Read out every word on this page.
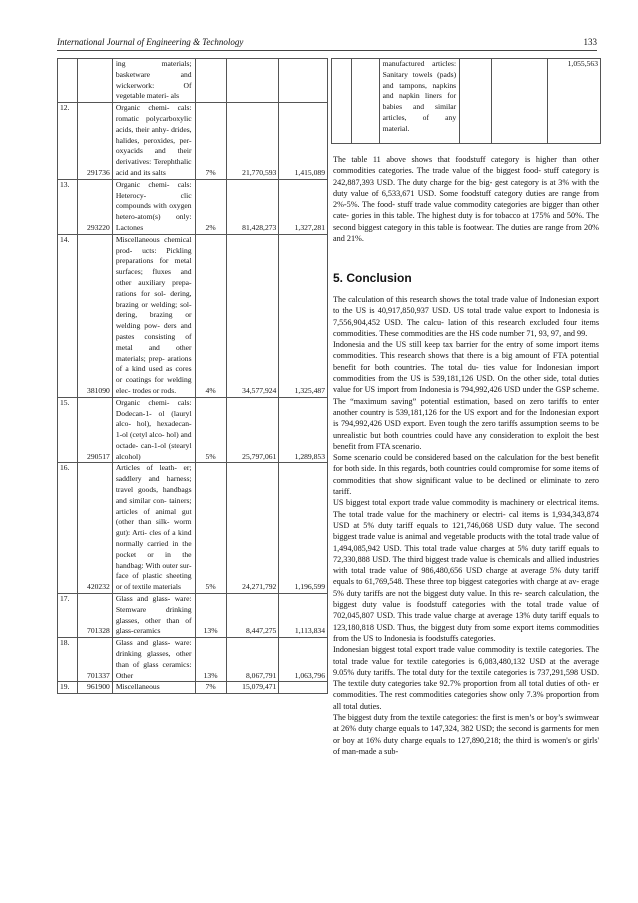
International Journal of Engineering & Technology	133
		ing materials; basketware and wickerwork: Of vegetable materi- als			
12.	291736	Organic chemi- cals: romatic polycarboxylic acids, their anhy- drides, halides, peroxides, per- oxyacids and their derivatives: Terephthalic acid and its salts	7%	21,770,593	1,415,089
13.	293220	Organic chemi- cals: Heterocy- clic compounds with oxygen hetero-atom(s) only: Lactones	2%	81,428,273	1,327,281
14.	381090	Miscellaneous chemical prod- ucts: Pickling preparations for metal surfaces; fluxes and other auxiliary prepa- rations for sol- dering, brazing or welding; sol- dering, brazing or welding pow- ders and pastes consisting of metal and other materials; prep- arations of a kind used as cores or coatings for welding elec- trodes or rods.	4%	34,577,924	1,325,487
15.	290517	Organic chemi- cals: Dodecan-1- ol (lauryl alco- hol), hexadecan- 1-ol (cetyl alco- hol) and octade- can-1-ol (stearyl alcohol)	5%	25,797,061	1,289,853
16.	420232	Articles of leath- er; saddlery and harness; travel goods, handbags and similar con- tainers; articles of animal gut (other than silk- worm gut): Arti- cles of a kind normally carried in the pocket or in the handbag: With outer sur- face of plastic sheeting or of textile materials	5%	24,271,792	1,196,599
17.	701328	Glass and glass- ware: Stemware drinking glasses, other than of glass-ceramics	13%	8,447,275	1,113,834
18.	701337	Glass and glass- ware: drinking glasses, other than of glass ceramics: Other	13%	8,067,791	1,063,796
19.	961900	Miscellaneous	7%	15,079,471	
		manufactured articles: Sanitary towels (pads) and tampons, napkins and napkin liners for babies and similar articles, of any material.			1,055,563

The table 11 above shows that foodstuff category is higher than other commodities categories. The trade value of the biggest food- stuff category is 242,887,393 USD. The duty charge for the big- gest category is at 3% with the duty value of 6,533,671 USD. Some foodstuff category duties are range from 2%-5%. The food- stuff trade value commodity categories are bigger than other cate- gories in this table. The highest duty is for tobacco at 175% and 50%. The second biggest category in this table is footwear. The duties are range from 20% and 21%.

5. Conclusion

The calculation of this research shows the total trade value of Indonesian export to the US is 40,917,850,937 USD. US total trade value export to Indonesia is 7,556,904,452 USD. The calcu- lation of this research excluded four items commodities. These commodities are the HS code number 71, 93, 97, and 99.

Indonesia and the US still keep tax barrier for the entry of some import items commodities. This research shows that there is a big amount of FTA potential benefit for both countries. The total du- ties value for Indonesian import commodities from the US is 539,181,126 USD. On the other side, total duties value for US import from Indonesia is 794,992,426 USD under the GSP scheme. The “maximum saving” potential estimation, based on zero tariffs to enter another country is 539,181,126 for the US export and for the Indonesian export is 794,992,426 USD export. Even tough the zero tariffs assumption seems to be unrealistic but both countries could have any consideration to exploit the best benefit from FTA scenario.

Some scenario could be considered based on the calculation for the best benefit for both side. In this regards, both countries could compromise for some items of commodities that show significant value to be declined or eliminate to zero tariff.

US biggest total export trade value commodity is machinery or electrical items. The total trade value for the machinery or electri- cal items is 1,934,343,874 USD at 5% duty tariff equals to 121,746,068 USD duty value. The second biggest trade value is animal and vegetable products with the total trade value of 1,494,085,942 USD. This total trade value charges at 5% duty tariff equals to 72,330,888 USD. The third biggest trade value is chemicals and allied industries with total trade value of 986,480,656 USD charge at average 5% duty tariff equals to 61,769,548. These three top biggest categories with charge at av- erage 5% duty tariffs are not the biggest duty value. In this re- search calculation, the biggest duty value is foodstuff categories with the total trade value of 702,045,807 USD. This trade value charge at average 13% duty tariff equals to 123,180,818 USD. Thus, the biggest duty from some export items commodities from the US to Indonesia is foodstuffs categories.

Indonesian biggest total export trade value commodity is textile categories. The total trade value for textile categories is 6,083,480,132 USD at the average 9.05% duty tariffs. The total duty for the textile categories is 737,291,598 USD. The textile duty categories take 92.7% proportion from all total duties of oth- er commodities. The rest commodities categories show only 7.3% proportion from all total duties.

The biggest duty from the textile categories: the first is men’s or boy’s swimwear at 26% duty charge equals to 147,324, 382 USD; the second is garments for men or boy at 16% duty charge equals to 127,890,218; the third is women's or girls' of man-made a sub-
